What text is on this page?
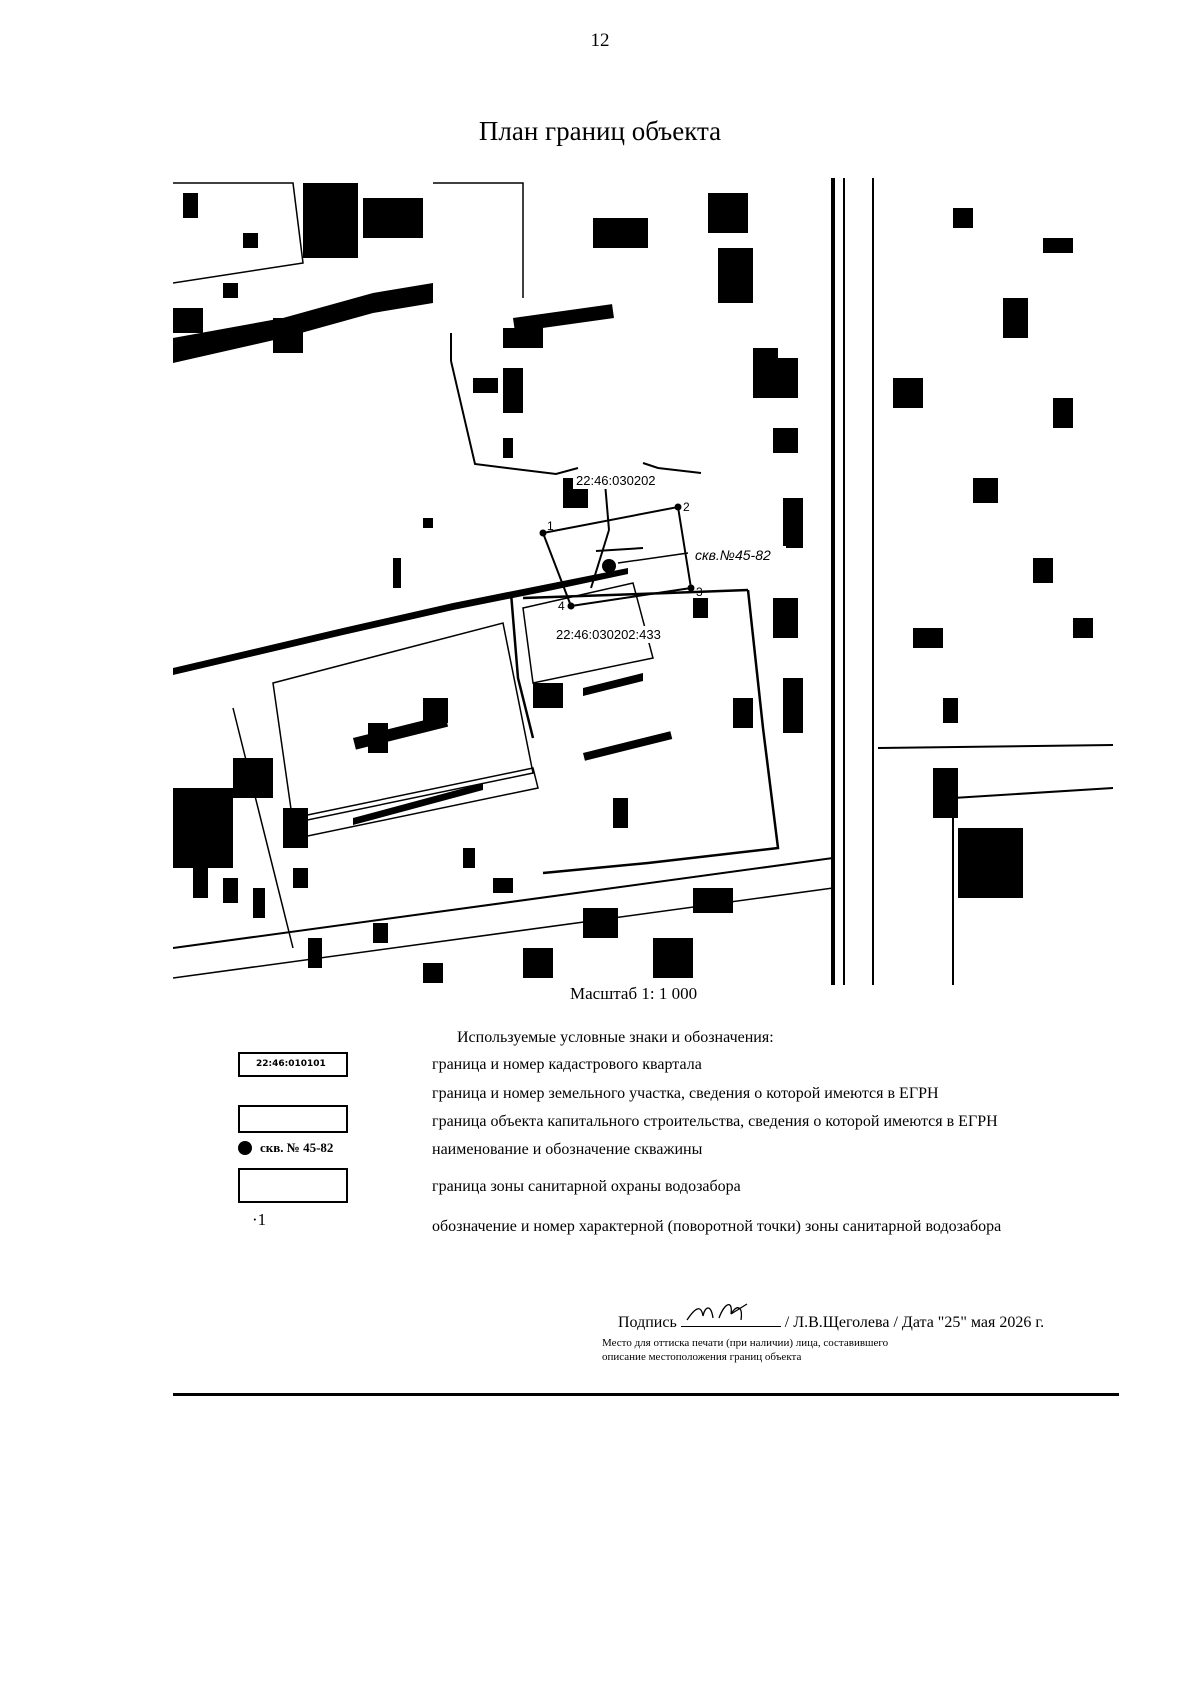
12
План границ объекта
22:46:030202
22:46:030202:433
скв.№45-82
1
2
3
4
Масштаб 1: 1 000
Используемые условные знаки и обозначения:
22:46:010101
скв. № 45-82
·1
граница и номер кадастрового квартала
граница и номер земельного участка, сведения о которой имеются в ЕГРН
граница объекта капитального строительства, сведения о которой имеются в ЕГРН
наименование и обозначение скважины
граница зоны санитарной охраны водозабора
обозначение и номер характерной (поворотной точки) зоны санитарной водозабора
Подпись	/ Л.В.Щеголева / Дата "25" мая 2026 г.
Место для оттиска печати (при наличии) лица, составившего
описание местоположения границ объекта
